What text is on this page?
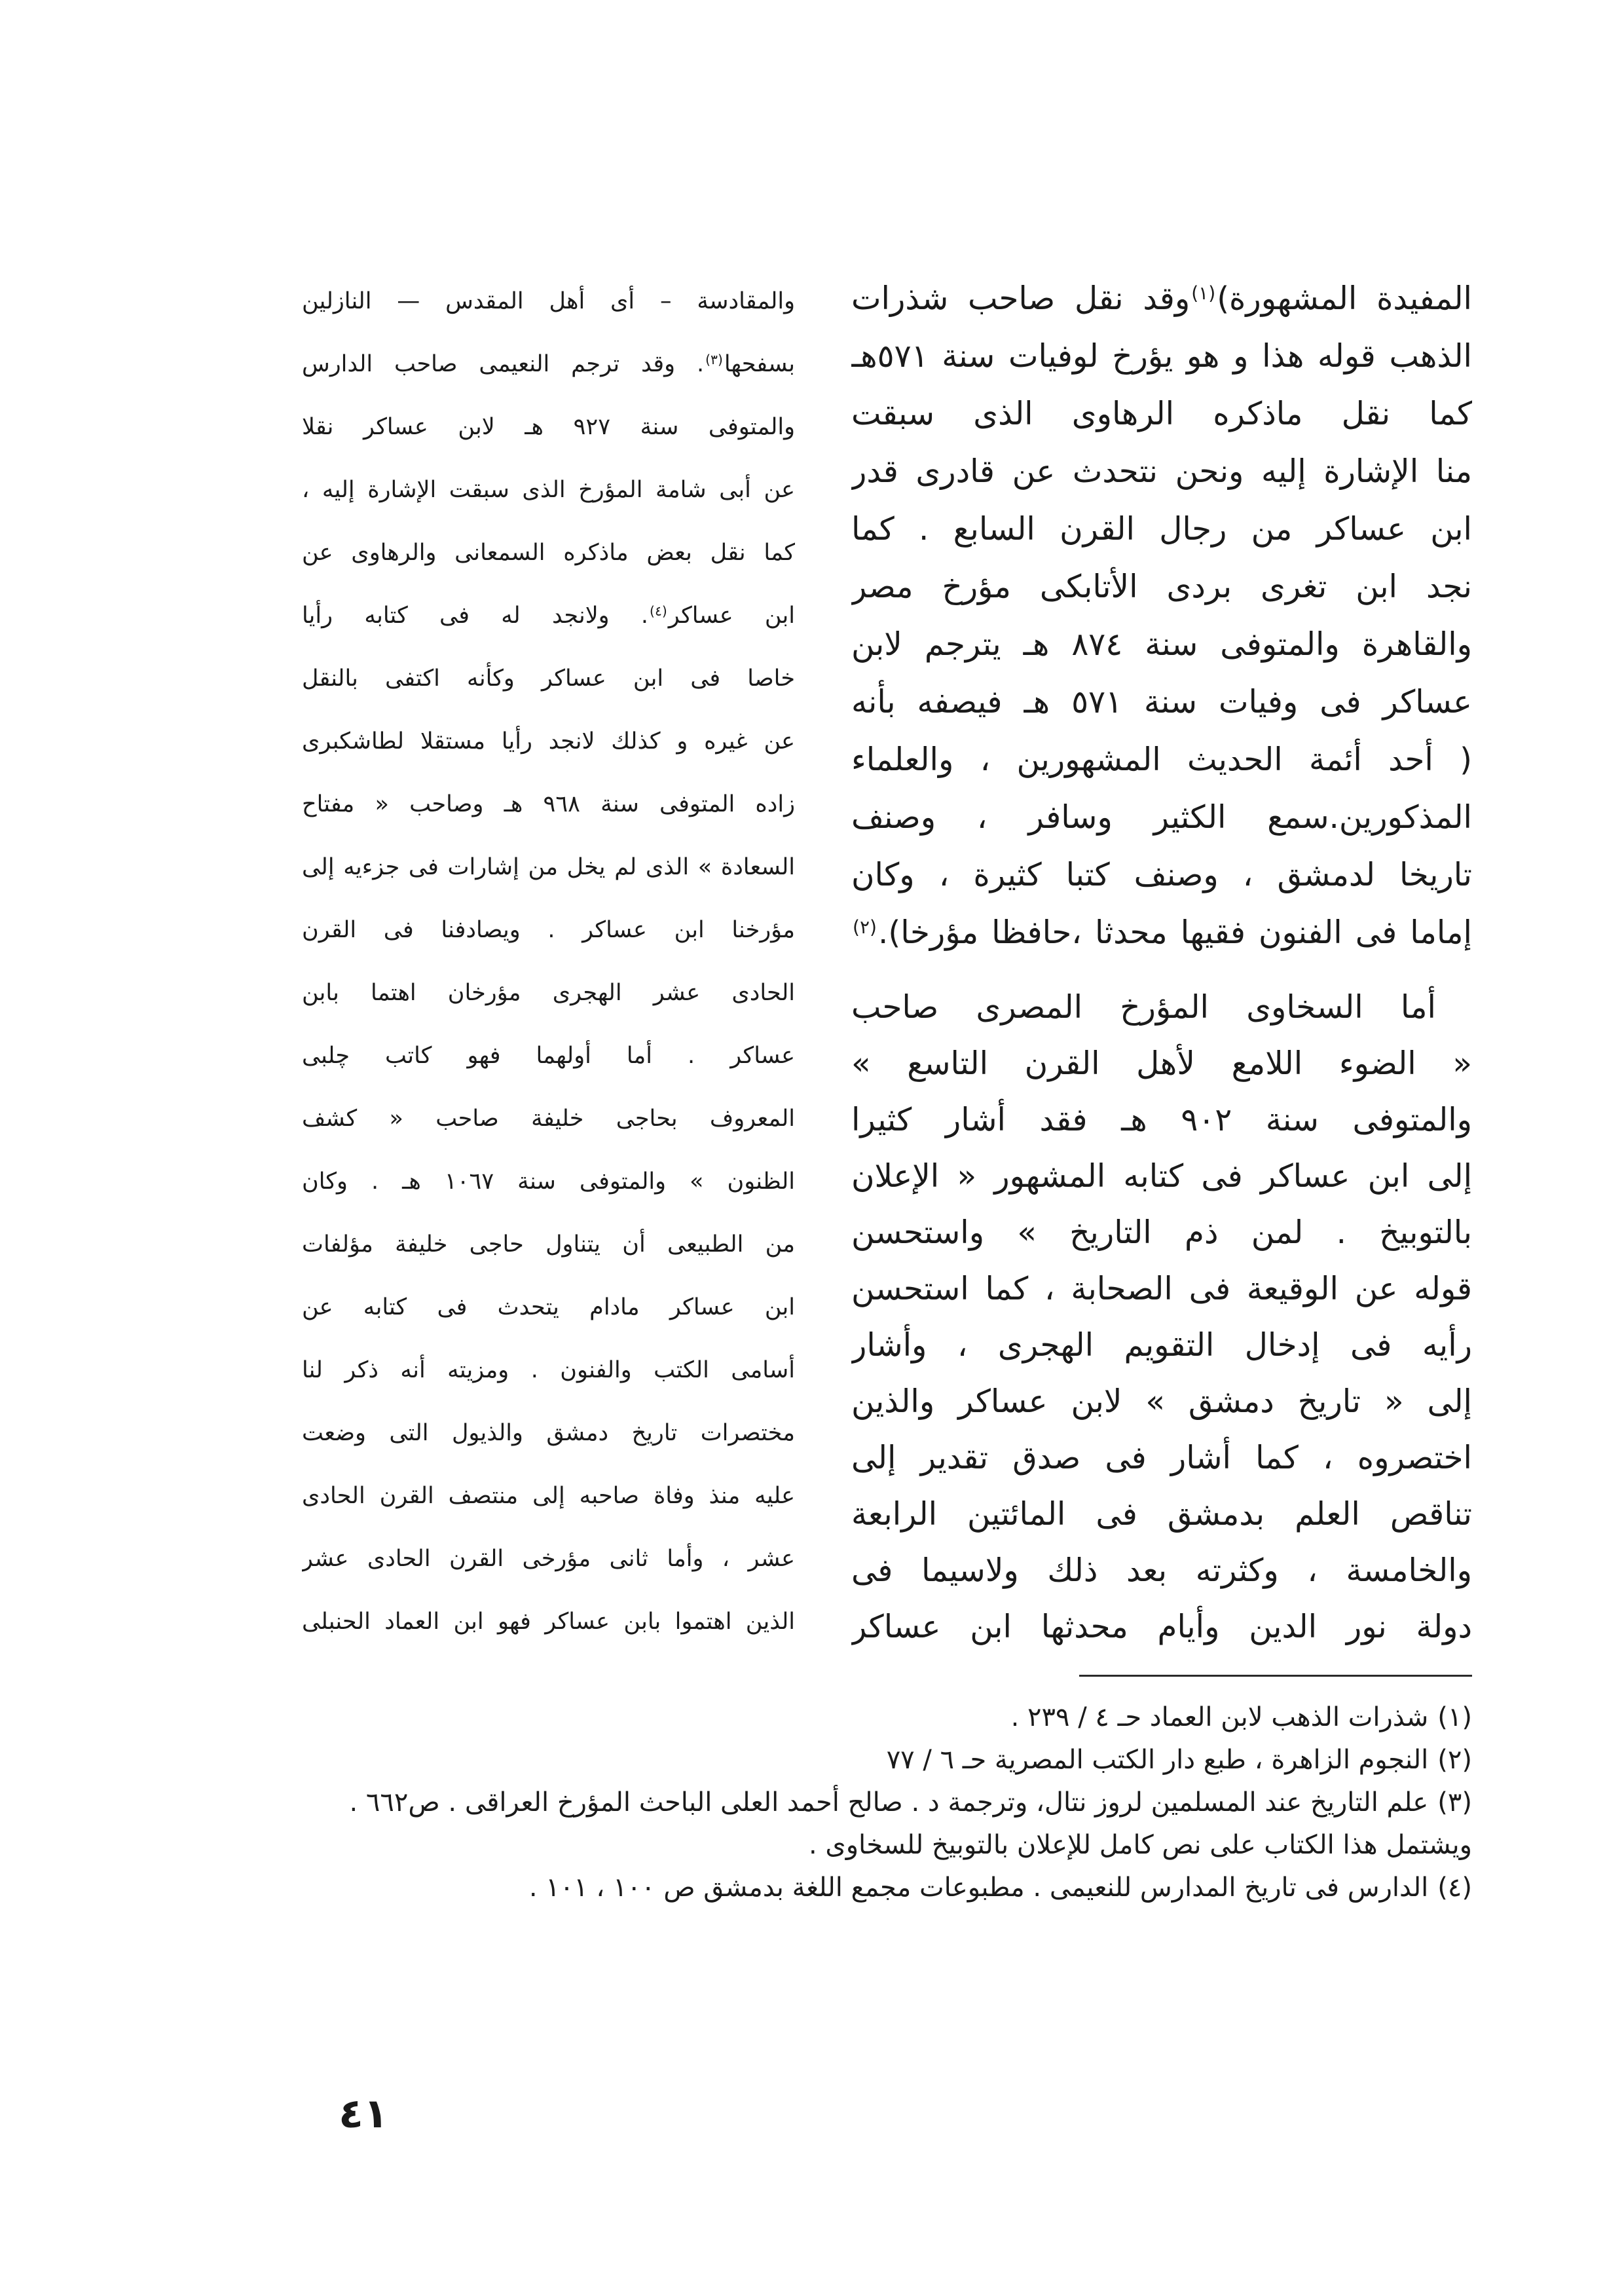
المفيدة المشهورة)$^{(١)}$وقد نقل صاحب شذرات
الذهب قوله هذا و هو يؤرخ لوفيات سنة ٥٧١هـ
كما نقل ماذكره الرهاوى الذى سبقت
منا الإشارة إليه ونحن نتحدث عن قادرى قدر
ابن عساكر من رجال القرن السابع . كما
نجد ابن تغرى بردى الأتابكى مؤرخ مصر
والقاهرة والمتوفى سنة ٨٧٤ هـ يترجم لابن
عساكر فى وفيات سنة ٥٧١ هـ فيصفه بأنه
( أحد أئمة الحديث المشهورين ، والعلماء
المذكورين.سمع الكثير وسافر ، وصنف
تاريخا لدمشق ، وصنف كتبا كثيرة ، وكان
إماما فى الفنون فقيها محدثا ،حافظا مؤرخا).$^{(٢)}$
أما السخاوى المؤرخ المصرى صاحب
« الضوء اللامع لأهل القرن التاسع »
والمتوفى سنة ٩٠٢ هـ فقد أشار كثيرا
إلى ابن عساكر فى كتابه المشهور « الإعلان
بالتوبيخ . لمن ذم التاريخ » واستحسن
قوله عن الوقيعة فى الصحابة ، كما استحسن
رأيه فى إدخال التقويم الهجرى ، وأشار
إلى « تاريخ دمشق » لابن عساكر والذين
اختصروه ، كما أشار فى صدق تقدير إلى
تناقص العلم بدمشق فى المائتين الرابعة
والخامسة ، وكثرته بعد ذلك ولاسيما فى
دولة نور الدين وأيام محدثها ابن عساكر
والمقادسة – أى أهل المقدس — النازلين
بسفحها$^{(٣)}$. وقد ترجم النعيمى صاحب الدارس
والمتوفى سنة ٩٢٧ هـ لابن عساكر نقلا
عن أبى شامة المؤرخ الذى سبقت الإشارة إليه ،
كما نقل بعض ماذكره السمعانى والرهاوى عن
ابن عساكر$^{(٤)}$. ولانجد له فى كتابه رأيا
خاصا فى ابن عساكر وكأنه اكتفى بالنقل
عن غيره و كذلك لانجد رأيا مستقلا لطاشكبرى
زاده المتوفى سنة ٩٦٨ هـ وصاحب « مفتاح
السعادة » الذى لم يخل من إشارات فى جزءيه إلى
مؤرخنا ابن عساكر . ويصادفنا فى القرن
الحادى عشر الهجرى مؤرخان اهتما بابن
عساكر . أما أولهما فهو كاتب چلبى
المعروف بحاجى خليفة صاحب « كشف
الظنون » والمتوفى سنة ١٠٦٧ هـ . وكان
من الطبيعى أن يتناول حاجى خليفة مؤلفات
ابن عساكر مادام يتحدث فى كتابه عن
أسامى الكتب والفنون . ومزيته أنه ذكر لنا
مختصرات تاريخ دمشق والذيول التى وضعت
عليه منذ وفاة صاحبه إلى منتصف القرن الحادى
عشر ، وأما ثانى مؤرخى القرن الحادى عشر
الذين اهتموا بابن عساكر فهو ابن العماد الحنبلى
(١)شذرات الذهب لابن العماد حـ ٤ / ٢٣٩ .
(٢)النجوم الزاهرة ، طبع دار الكتب المصرية حـ ٦ / ٧٧
(٣)علم التاريخ عند المسلمين لروز نتال، وترجمة د . صالح أحمد العلى الباحث المؤرخ العراقى . ص٦٦٢ .
ويشتمل هذا الكتاب على نص كامل للإعلان بالتوبيخ للسخاوى .
(٤)الدارس فى تاريخ المدارس للنعيمى . مطبوعات مجمع اللغة بدمشق ص ١٠٠ ، ١٠١ .
٤١
